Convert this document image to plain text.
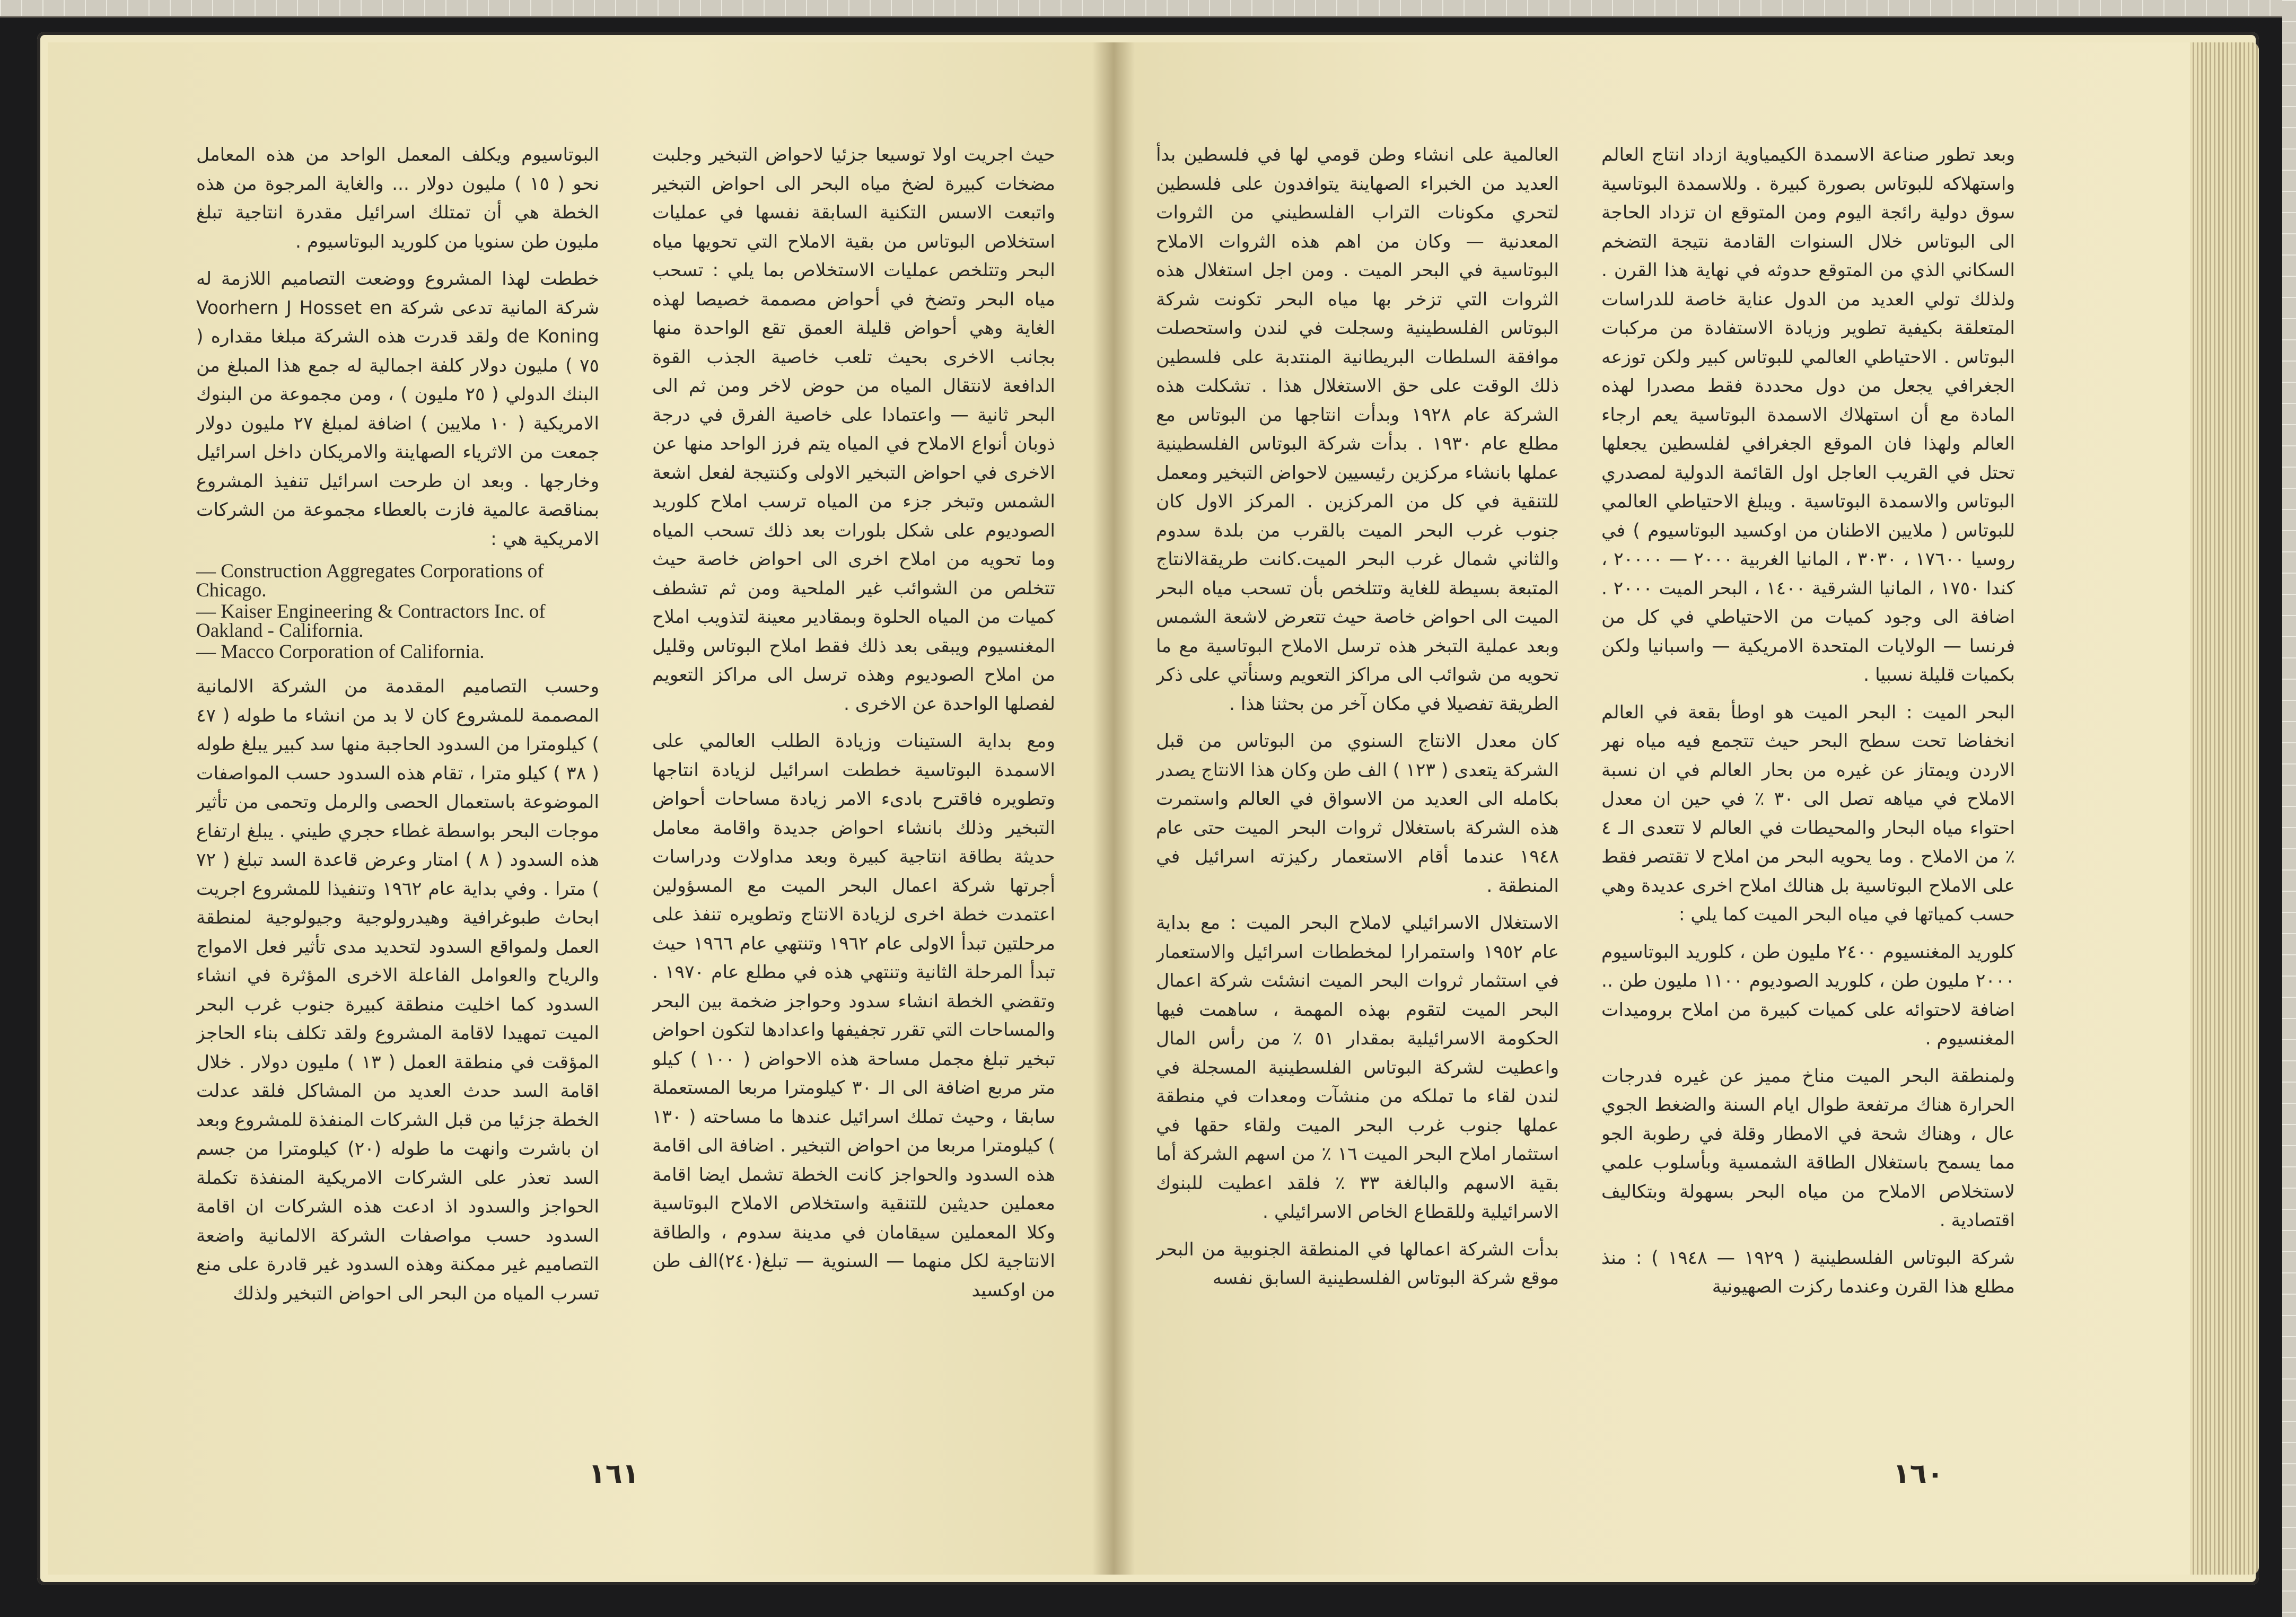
البوتاسيوم ويكلف المعمل الواحد من هذه المعامل نحو ( ١٥ ) مليون دولار ... والغاية المرجوة من هذه الخطة هي أن تمتلك اسرائيل مقدرة انتاجية تبلغ مليون طن سنويا من كلوريد البوتاسيوم .

خططت لهذا المشروع ووضعت التصاميم اللازمة له شركة المانية تدعى شركة Voorhern J Hosset en de Koning ولقد قدرت هذه الشركة مبلغا مقداره ( ٧٥ ) مليون دولار كلفة اجمالية له جمع هذا المبلغ من البنك الدولي ( ٢٥ مليون ) ، ومن مجموعة من البنوك الامريكية ( ١٠ ملايين ) اضافة لمبلغ ٢٧ مليون دولار جمعت من الاثرياء الصهاينة والامريكان داخل اسرائيل وخارجها . وبعد ان طرحت اسرائيل تنفيذ المشروع بمناقصة عالمية فازت بالعطاء مجموعة من الشركات الامريكية هي :

— Construction Aggregates Corporations of Chicago.
— Kaiser Engineering & Contractors Inc. of Oakland - California.
— Macco Corporation of California.

وحسب التصاميم المقدمة من الشركة الالمانية المصممة للمشروع كان لا بد من انشاء ما طوله ( ٤٧ ) كيلومترا من السدود الحاجبة منها سد كبير يبلغ طوله ( ٣٨ ) كيلو مترا ، تقام هذه السدود حسب المواصفات الموضوعة باستعمال الحصى والرمل وتحمى من تأثير موجات البحر بواسطة غطاء حجري طيني . يبلغ ارتفاع هذه السدود ( ٨ ) امتار وعرض قاعدة السد تبلغ ( ٧٢ ) مترا . وفي بداية عام ١٩٦٢ وتنفيذا للمشروع اجريت ابحاث طبوغرافية وهيدرولوجية وجيولوجية لمنطقة العمل ولمواقع السدود لتحديد مدى تأثير فعل الامواج والرياح والعوامل الفاعلة الاخرى المؤثرة في انشاء السدود كما اخليت منطقة كبيرة جنوب غرب البحر الميت تمهيدا لاقامة المشروع ولقد تكلف بناء الحاجز المؤقت في منطقة العمل ( ١٣ ) مليون دولار . خلال اقامة السد حدث العديد من المشاكل فلقد عدلت الخطة جزئيا من قبل الشركات المنفذة للمشروع وبعد ان باشرت وانهت ما طوله (٢٠) كيلومترا من جسم السد تعذر على الشركات الامريكية المنفذة تكملة الحواجز والسدود اذ ادعت هذه الشركات ان اقامة السدود حسب مواصفات الشركة الالمانية واضعة التصاميم غير ممكنة وهذه السدود غير قادرة على منع تسرب المياه من البحر الى احواض التبخير ولذلك

حيث اجريت اولا توسيعا جزئيا لاحواض التبخير وجلبت مضخات كبيرة لضخ مياه البحر الى احواض التبخير واتبعت الاسس التكنية السابقة نفسها في عمليات استخلاص البوتاس من بقية الاملاح التي تحويها مياه البحر وتتلخص عمليات الاستخلاص بما يلي : تسحب مياه البحر وتضخ في أحواض مصممة خصيصا لهذه الغاية وهي أحواض قليلة العمق تقع الواحدة منها بجانب الاخرى بحيث تلعب خاصية الجذب القوة الدافعة لانتقال المياه من حوض لاخر ومن ثم الى البحر ثانية — واعتمادا على خاصية الفرق في درجة ذوبان أنواع الاملاح في المياه يتم فرز الواحد منها عن الاخرى في احواض التبخير الاولى وكنتيجة لفعل اشعة الشمس وتبخر جزء من المياه ترسب املاح كلوريد الصوديوم على شكل بلورات بعد ذلك تسحب المياه وما تحويه من املاح اخرى الى احواض خاصة حيث تتخلص من الشوائب غير الملحية ومن ثم تشطف كميات من المياه الحلوة وبمقادير معينة لتذويب املاح المغنسيوم ويبقى بعد ذلك فقط املاح البوتاس وقليل من املاح الصوديوم وهذه ترسل الى مراكز التعويم لفصلها الواحدة عن الاخرى .

ومع بداية الستينات وزيادة الطلب العالمي على الاسمدة البوتاسية خططت اسرائيل لزيادة انتاجها وتطويره فاقترح بادىء الامر زيادة مساحات أحواض التبخير وذلك بانشاء احواض جديدة واقامة معامل حديثة بطاقة انتاجية كبيرة وبعد مداولات ودراسات أجرتها شركة اعمال البحر الميت مع المسؤولين اعتمدت خطة اخرى لزيادة الانتاج وتطويره تنفذ على مرحلتين تبدأ الاولى عام ١٩٦٢ وتنتهي عام ١٩٦٦ حيث تبدأ المرحلة الثانية وتنتهي هذه في مطلع عام ١٩٧٠ . وتقضي الخطة انشاء سدود وحواجز ضخمة بين البحر والمساحات التي تقرر تجفيفها واعدادها لتكون احواض تبخير تبلغ مجمل مساحة هذه الاحواض ( ١٠٠ ) كيلو متر مربع اضافة الى الـ ٣٠ كيلومترا مربعا المستعملة سابقا ، وحيث تملك اسرائيل عندها ما مساحته ( ١٣٠ ) كيلومترا مربعا من احواض التبخير . اضافة الى اقامة هذه السدود والحواجز كانت الخطة تشمل ايضا اقامة معملين حديثين للتنقية واستخلاص الاملاح البوتاسية وكلا المعملين سيقامان في مدينة سدوم ، والطاقة الانتاجية لكل منهما — السنوية — تبلغ(٢٤٠)الف طن من اوكسيد

العالمية على انشاء وطن قومي لها في فلسطين بدأ العديد من الخبراء الصهاينة يتوافدون على فلسطين لتحري مكونات التراب الفلسطيني من الثروات المعدنية — وكان من اهم هذه الثروات الاملاح البوتاسية في البحر الميت . ومن اجل استغلال هذه الثروات التي تزخر بها مياه البحر تكونت شركة البوتاس الفلسطينية وسجلت في لندن واستحصلت موافقة السلطات البريطانية المنتدبة على فلسطين ذلك الوقت على حق الاستغلال هذا . تشكلت هذه الشركة عام ١٩٢٨ وبدأت انتاجها من البوتاس مع مطلع عام ١٩٣٠ . بدأت شركة البوتاس الفلسطينية عملها بانشاء مركزين رئيسيين لاحواض التبخير ومعمل للتنقية في كل من المركزين . المركز الاول كان جنوب غرب البحر الميت بالقرب من بلدة سدوم والثاني شمال غرب البحر الميت.كانت طريقةالانتاج المتبعة بسيطة للغاية وتتلخص بأن تسحب مياه البحر الميت الى احواض خاصة حيث تتعرض لاشعة الشمس وبعد عملية التبخر هذه ترسل الاملاح البوتاسية مع ما تحويه من شوائب الى مراكز التعويم وسنأتي على ذكر الطريقة تفصيلا في مكان آخر من بحثنا هذا .

كان معدل الانتاج السنوي من البوتاس من قبل الشركة يتعدى ( ١٢٣ ) الف طن وكان هذا الانتاج يصدر بكامله الى العديد من الاسواق في العالم واستمرت هذه الشركة باستغلال ثروات البحر الميت حتى عام ١٩٤٨ عندما أقام الاستعمار ركيزته اسرائيل في المنطقة .

الاستغلال الاسرائيلي لاملاح البحر الميت : مع بداية عام ١٩٥٢ واستمرارا لمخططات اسرائيل والاستعمار في استثمار ثروات البحر الميت انشئت شركة اعمال البحر الميت لتقوم بهذه المهمة ، ساهمت فيها الحكومة الاسرائيلية بمقدار ٥١ ٪ من رأس المال واعطيت لشركة البوتاس الفلسطينية المسجلة في لندن لقاء ما تملكه من منشآت ومعدات في منطقة عملها جنوب غرب البحر الميت ولقاء حقها في استثمار املاح البحر الميت ١٦ ٪ من اسهم الشركة أما بقية الاسهم والبالغة ٣٣ ٪ فلقد اعطيت للبنوك الاسرائيلية وللقطاع الخاص الاسرائيلي .

بدأت الشركة اعمالها في المنطقة الجنوبية من البحر موقع شركة البوتاس الفلسطينية السابق نفسه

وبعد تطور صناعة الاسمدة الكيمياوية ازداد انتاج العالم واستهلاكه للبوتاس بصورة كبيرة . وللاسمدة البوتاسية سوق دولية رائجة اليوم ومن المتوقع ان تزداد الحاجة الى البوتاس خلال السنوات القادمة نتيجة التضخم السكاني الذي من المتوقع حدوثه في نهاية هذا القرن . ولذلك تولي العديد من الدول عناية خاصة للدراسات المتعلقة بكيفية تطوير وزيادة الاستفادة من مركبات البوتاس . الاحتياطي العالمي للبوتاس كبير ولكن توزعه الجغرافي يجعل من دول محددة فقط مصدرا لهذه المادة مع أن استهلاك الاسمدة البوتاسية يعم ارجاء العالم ولهذا فان الموقع الجغرافي لفلسطين يجعلها تحتل في القريب العاجل اول القائمة الدولية لمصدري البوتاس والاسمدة البوتاسية . ويبلغ الاحتياطي العالمي للبوتاس ( ملايين الاطنان من اوكسيد البوتاسيوم ) في روسيا ١٧٦٠٠ ، ٣٠٣٠ ، المانيا الغربية ٢٠٠٠ — ٢٠٠٠٠ ، كندا ١٧٥٠ ، المانيا الشرقية ١٤٠٠ ، البحر الميت ٢٠٠٠ . اضافة الى وجود كميات من الاحتياطي في كل من فرنسا — الولايات المتحدة الامريكية — واسبانيا ولكن بكميات قليلة نسبيا .

البحر الميت : البحر الميت هو اوطأ بقعة في العالم انخفاضا تحت سطح البحر حيث تتجمع فيه مياه نهر الاردن ويمتاز عن غيره من بحار العالم في ان نسبة الاملاح في مياهه تصل الى ٣٠ ٪ في حين ان معدل احتواء مياه البحار والمحيطات في العالم لا تتعدى الـ ٤ ٪ من الاملاح . وما يحويه البحر من املاح لا تقتصر فقط على الاملاح البوتاسية بل هنالك املاح اخرى عديدة وهي حسب كمياتها في مياه البحر الميت كما يلي :

كلوريد المغنسيوم ٢٤٠٠ مليون طن ، كلوريد البوتاسيوم ٢٠٠٠ مليون طن ، كلوريد الصوديوم ١١٠٠ مليون طن .. اضافة لاحتوائه على كميات كبيرة من املاح بروميدات المغنسيوم .

ولمنطقة البحر الميت مناخ مميز عن غيره فدرجات الحرارة هناك مرتفعة طوال ايام السنة والضغط الجوي عال ، وهناك شحة في الامطار وقلة في رطوبة الجو مما يسمح باستغلال الطاقة الشمسية وبأسلوب علمي لاستخلاص الاملاح من مياه البحر بسهولة وبتكاليف اقتصادية .

شركة البوتاس الفلسطينية ( ١٩٢٩ — ١٩٤٨ ) : منذ مطلع هذا القرن وعندما ركزت الصهيونية

١٦١	١٦٠
